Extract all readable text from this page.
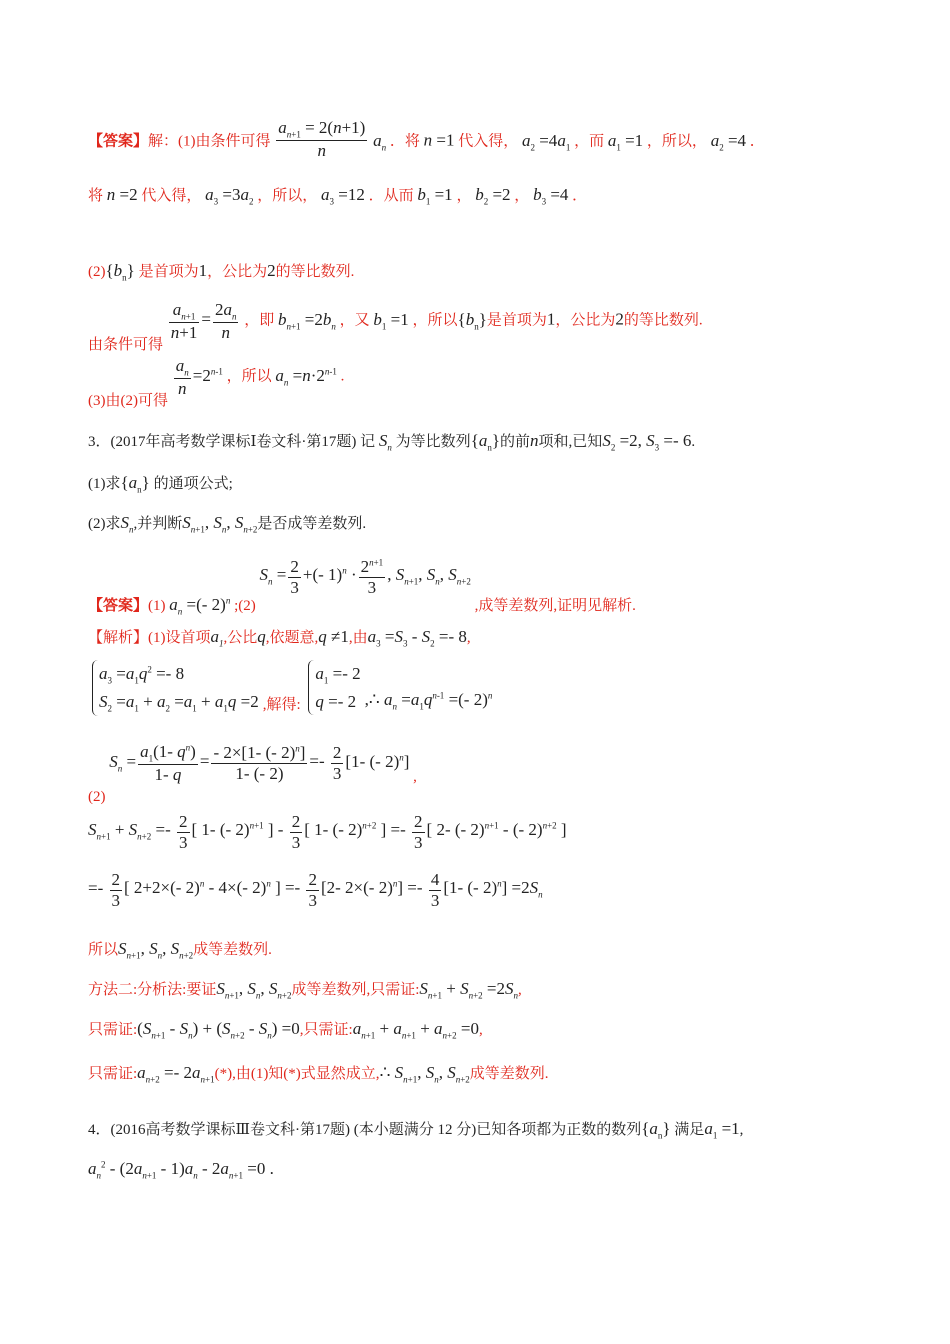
【答案】解：(1)由条件可得 $\frac{a_{n+1} = 2(n+1)}{n} a_n$ ．将 n =1 代入得， $a_2 =4a_1$ ，而 $a_1 =1$ ，所以， $a_2 =4$ ．
将 n =2 代入得， $a_3 =3a_2$ ，所以， $a_3 =12$ ．从而 $b_1 =1$ ， $b_2 =2$ ， $b_3 =4$ ．
$(2)\{b_n\}$ 是首项为1，公比为2的等比数列.
由条件可得
$\frac{a_{n+1}}{n+1} = \frac{2a_n}{n}$ ，即 $b_{n+1} =2b_n$ ，又 $b_1 =1$ ，所以$\{b_n\}$是首项为1，公比为2的等比数列.
(3)由(2)可得
$\frac{a_n}{n} =2^{n-1}$ ，所以 $a_n =n\cdot 2^{n-1}$ .
3．(2017年高考数学课标Ⅰ卷文科·第17题) 记 $S_n$ 为等比数列$\{a_n\}$的前n项和,已知$S_2 =2$, $S_3 =- 6$.
(1)求$\{a_n\}$ 的通项公式;
(2)求$S_n$,并判断$S_{n+1}$, $S_n$, $S_{n+2}$是否成等差数列.
【答案】(1) $a_n$ =(- 2)$^n$ ;(2) $S_n = \frac{2}{3}$ +(- $1)^n \cdot \frac{2^{n+1}}{3}$ , $S_{n+1}$, $S_n$, $S_{n+2}$ ,成等差数列,证明见解析.
【解析】(1)设首项$a_1$,公比q,依题意,q ≠1,由$a_3 =S_3 - S_2 =- 8$,
$a_3 =a_1q^2 =- 8$
$S_2 =a_1 + a_2 =a_1 + a_1q =2$ ,解得:
$a_1 =- 2$
q =- 2 ,∴ $a_n =a_1q^{n-1}$ =(- 2)$^n$
(2) $S_n = \frac{a_1(1- q^n)}{1- q} = \frac{- 2\times[1- (- 2)^n]}{1- (- 2)} =- \frac{2}{3} [1-$ (- 2)$^n$] ,
$S_{n+1} + S_{n+2} =- \frac{2}{3}$ [ 1- (- 2)$^{n+1}$ ] - $\frac{2}{3}$ [ 1- (- 2)$^{n+2}$ ] =- $\frac{2}{3}$ [ 2- (- 2)$^{n+1}$ - (- 2)$^{n+2}$ ]
=- $\frac{2}{3}$ [ 2+2×(- 2)$^n$ - 4×(- 2)$^n$ ] =- $\frac{2}{3} [2-$ 2×(- $2)^n] =- \frac{4}{3} [1-$ (- $2)^n] =2S_n$
所以$S_{n+1}$, $S_n$, $S_{n+2}$成等差数列.
方法二:分析法:要证$S_{n+1}$, $S_n$, $S_{n+2}$成等差数列,只需证$:S_{n+1} + S_{n+2} =2S_n$,
只需证$:(S_{n+1} - S_n) + (S_{n+2} - S_n) =0$,只需证$:a_{n+1} + a_{n+1} + a_{n+2} =0$,
只需证$:a_{n+2} =- 2a_{n+1}(*)$,由(1)知(*)式显然成立,∴ $S_{n+1}$, $S_n$, $S_{n+2}$成等差数列.
4．(2016高考数学课标Ⅲ卷文科·第17题) (本小题满分 12 分)已知各项都为正数的数列$\{a_n\}$ 满足$a_1 =1$,
$a_n^2 - (2a_{n+1} - 1)a_n - 2a_{n+1} =0$ .
